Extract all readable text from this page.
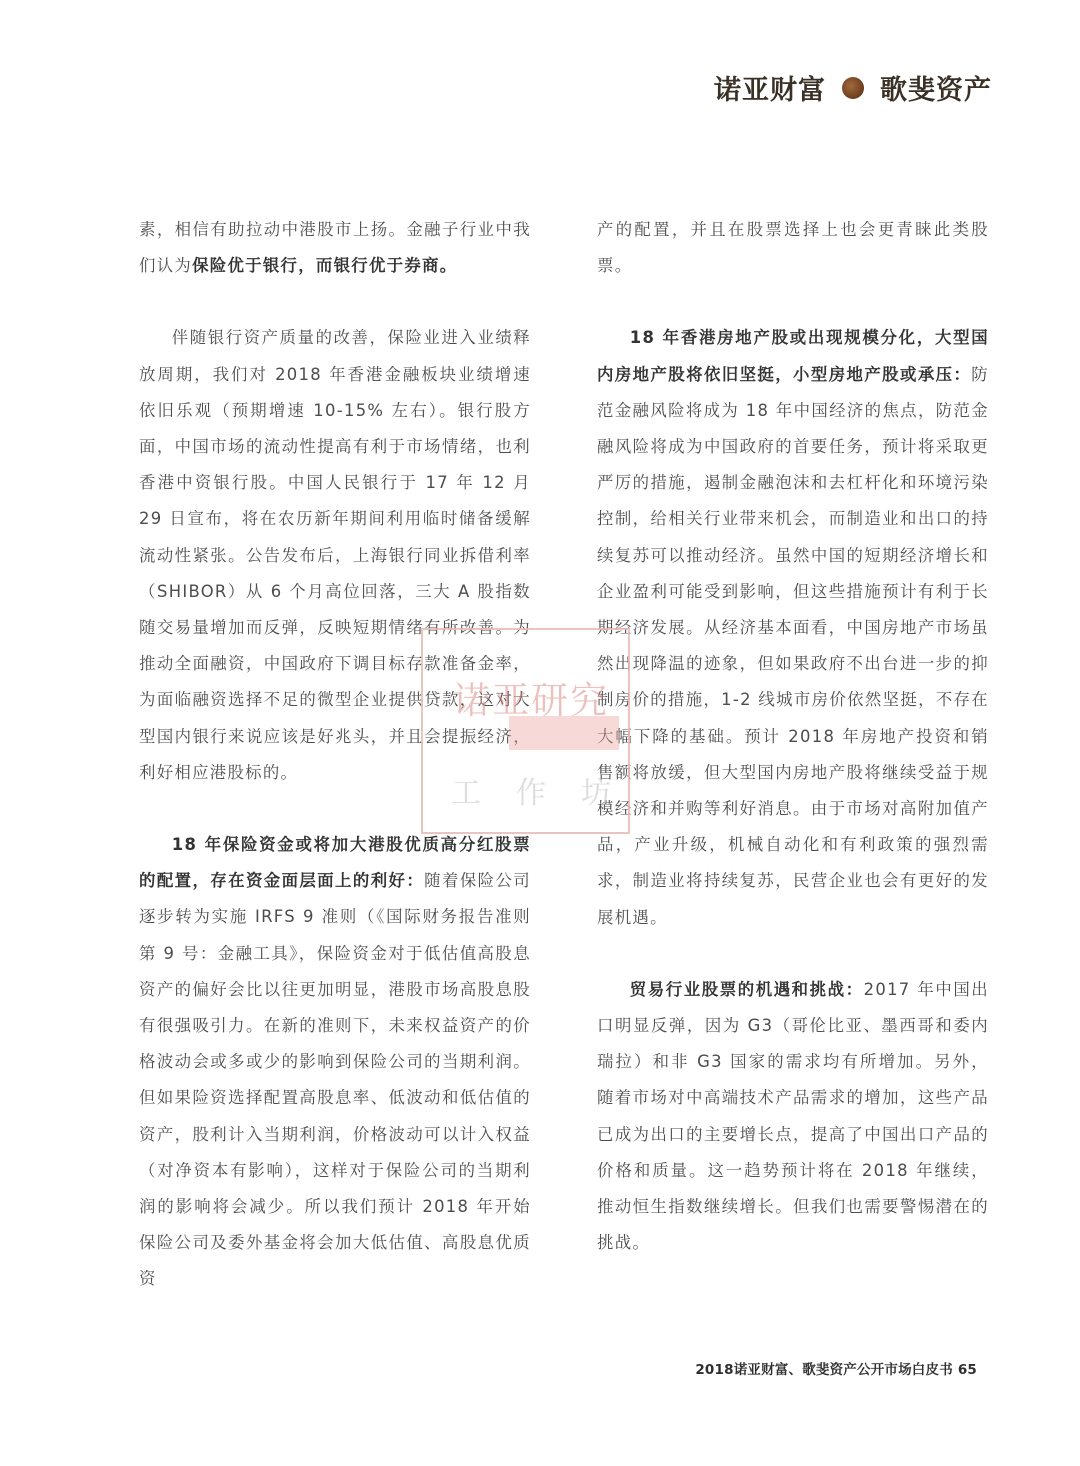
诺亚财富 歌斐资产

素，相信有助拉动中港股市上扬。金融子行业中我们认为保险优于银行，而银行优于券商。

伴随银行资产质量的改善，保险业进入业绩释放周期，我们对 2018 年香港金融板块业绩增速依旧乐观（预期增速 10-15% 左右）。银行股方面，中国市场的流动性提高有利于市场情绪，也利香港中资银行股。中国人民银行于 17 年 12 月 29 日宣布，将在农历新年期间利用临时储备缓解流动性紧张。公告发布后，上海银行同业拆借利率（SHIBOR）从 6 个月高位回落，三大 A 股指数随交易量增加而反弹，反映短期情绪有所改善。为推动全面融资，中国政府下调目标存款准备金率，为面临融资选择不足的微型企业提供贷款，这对大型国内银行来说应该是好兆头，并且会提振经济，利好相应港股标的。

18 年保险资金或将加大港股优质高分红股票的配置，存在资金面层面上的利好：随着保险公司逐步转为实施 IRFS 9 准则（《国际财务报告准则第 9 号：金融工具》，保险资金对于低估值高股息资产的偏好会比以往更加明显，港股市场高股息股有很强吸引力。在新的准则下，未来权益资产的价格波动会或多或少的影响到保险公司的当期利润。但如果险资选择配置高股息率、低波动和低估值的资产，股利计入当期利润，价格波动可以计入权益（对净资本有影响），这样对于保险公司的当期利润的影响将会减少。所以我们预计 2018 年开始保险公司及委外基金将会加大低估值、高股息优质资

产的配置，并且在股票选择上也会更青睐此类股票。

18 年香港房地产股或出现规模分化，大型国内房地产股将依旧坚挺，小型房地产股或承压：防范金融风险将成为 18 年中国经济的焦点，防范金融风险将成为中国政府的首要任务，预计将采取更严厉的措施，遏制金融泡沫和去杠杆化和环境污染控制，给相关行业带来机会，而制造业和出口的持续复苏可以推动经济。虽然中国的短期经济增长和企业盈利可能受到影响，但这些措施预计有利于长期经济发展。从经济基本面看，中国房地产市场虽然出现降温的迹象，但如果政府不出台进一步的抑制房价的措施，1-2 线城市房价依然坚挺，不存在大幅下降的基础。预计 2018 年房地产投资和销售额将放缓，但大型国内房地产股将继续受益于规模经济和并购等利好消息。由于市场对高附加值产品，产业升级，机械自动化和有利政策的强烈需求，制造业将持续复苏，民营企业也会有更好的发展机遇。

贸易行业股票的机遇和挑战：2017 年中国出口明显反弹，因为 G3（哥伦比亚、墨西哥和委内瑞拉）和非 G3 国家的需求均有所增加。另外，随着市场对中高端技术产品需求的增加，这些产品已成为出口的主要增长点，提高了中国出口产品的价格和质量。这一趋势预计将在 2018 年继续，推动恒生指数继续增长。但我们也需要警惕潜在的挑战。

诺亚研究
工 作 坊
2018诺亚财富、歌斐资产公开市场白皮书 65
